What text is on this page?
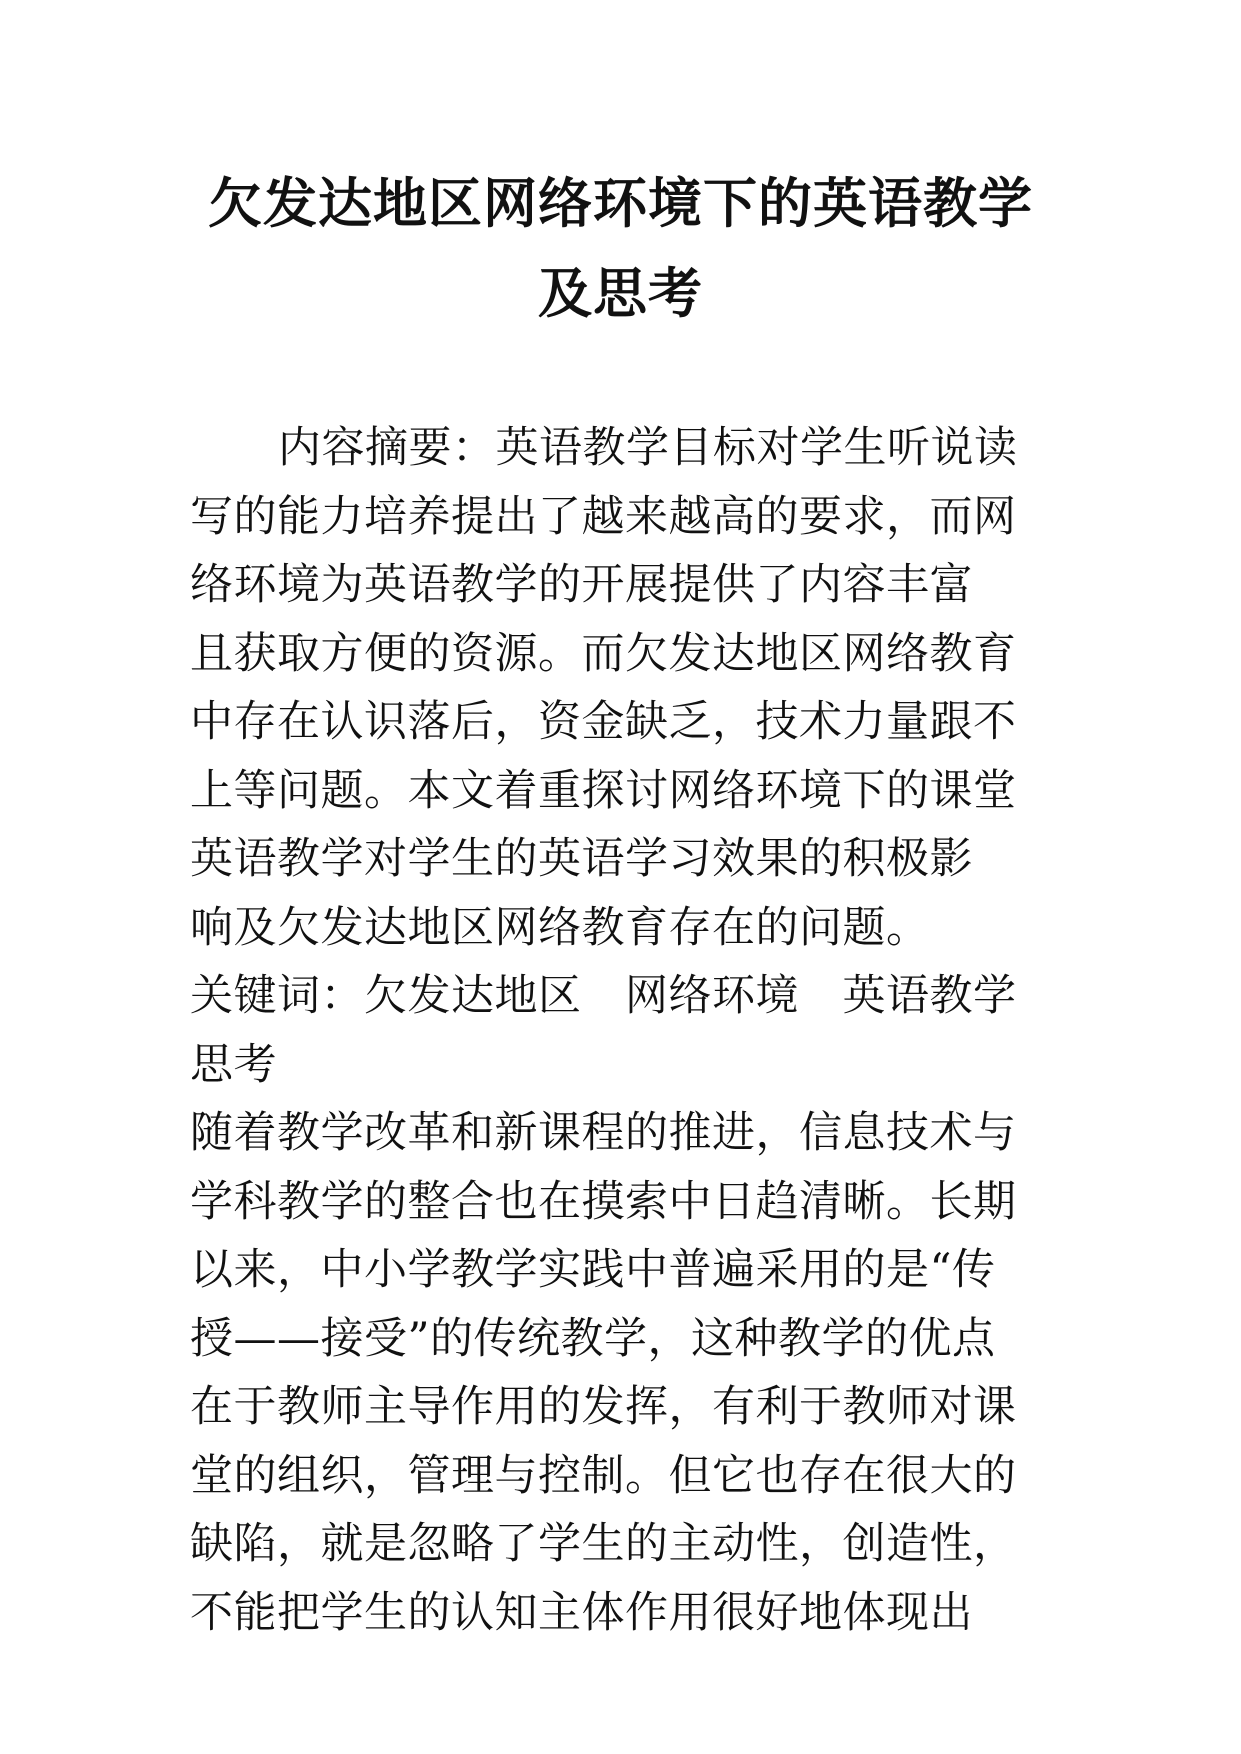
欠发达地区网络环境下的英语教学
及思考
内容摘要：英语教学目标对学生听说读
写的能力培养提出了越来越高的要求，而网
络环境为英语教学的开展提供了内容丰富
且获取方便的资源。而欠发达地区网络教育
中存在认识落后，资金缺乏，技术力量跟不
上等问题。本文着重探讨网络环境下的课堂
英语教学对学生的英语学习效果的积极影
响及欠发达地区网络教育存在的问题。
关键词：欠发达地区　网络环境　英语教学
思考
随着教学改革和新课程的推进，信息技术与
学科教学的整合也在摸索中日趋清晰。长期
以来，中小学教学实践中普遍采用的是“传
授——接受”的传统教学，这种教学的优点
在于教师主导作用的发挥，有利于教师对课
堂的组织，管理与控制。但它也存在很大的
缺陷，就是忽略了学生的主动性，创造性，
不能把学生的认知主体作用很好地体现出
